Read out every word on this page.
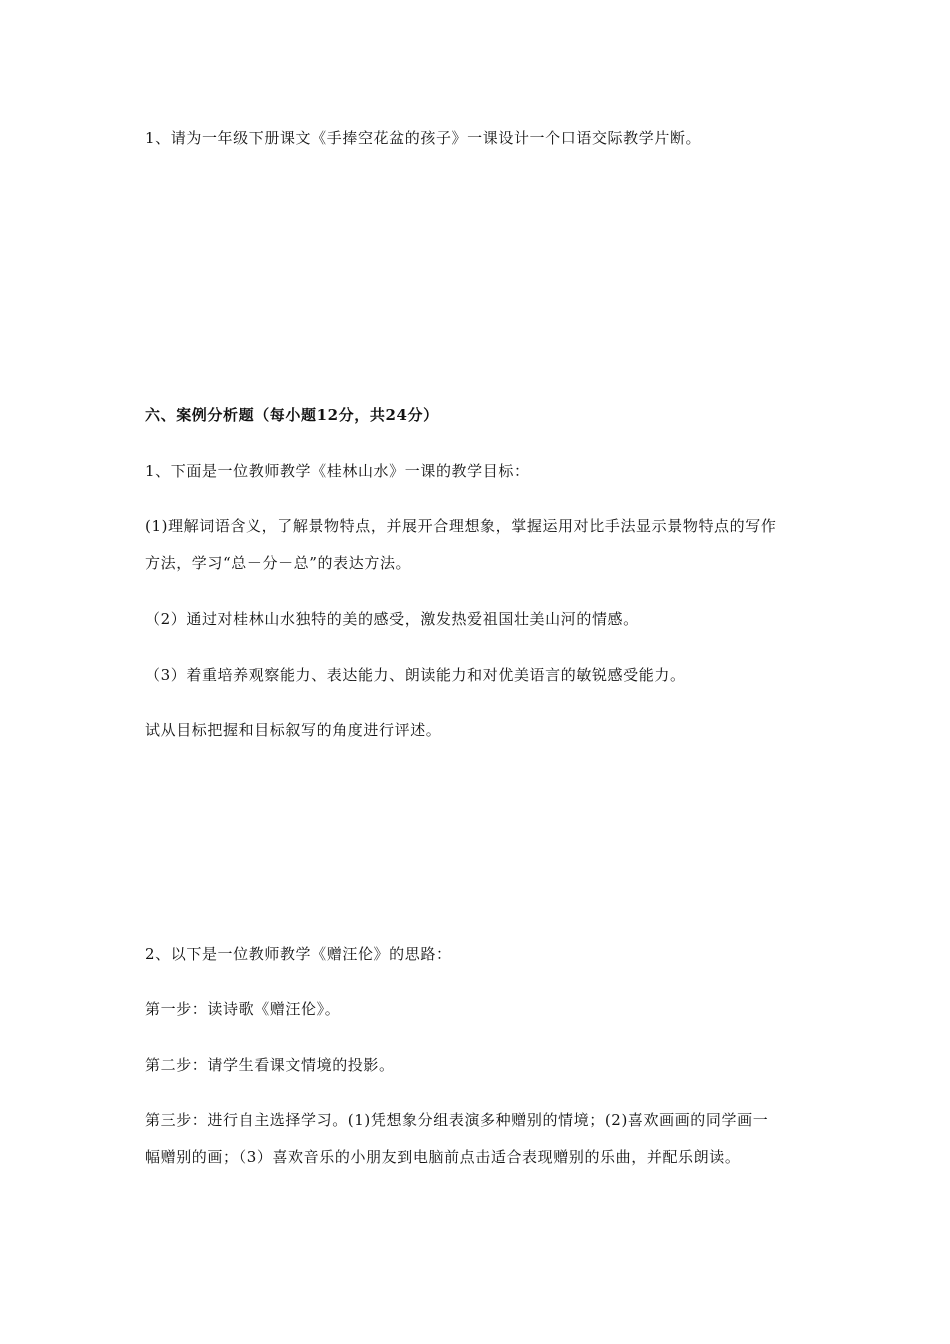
1、请为一年级下册课文《手捧空花盆的孩子》一课设计一个口语交际教学片断。
六、案例分析题（每小题12分，共24分）
1、下面是一位教师教学《桂林山水》一课的教学目标：
(1)理解词语含义，了解景物特点，并展开合理想象，掌握运用对比手法显示景物特点的写作
方法，学习“总－分－总”的表达方法。
（2）通过对桂林山水独特的美的感受，激发热爱祖国壮美山河的情感。
（3）着重培养观察能力、表达能力、朗读能力和对优美语言的敏锐感受能力。
试从目标把握和目标叙写的角度进行评述。
2、以下是一位教师教学《赠汪伦》的思路：
第一步：读诗歌《赠汪伦》。
第二步：请学生看课文情境的投影。
第三步：进行自主选择学习。(1)凭想象分组表演多种赠别的情境；(2)喜欢画画的同学画一
幅赠别的画；（3）喜欢音乐的小朋友到电脑前点击适合表现赠别的乐曲，并配乐朗读。
